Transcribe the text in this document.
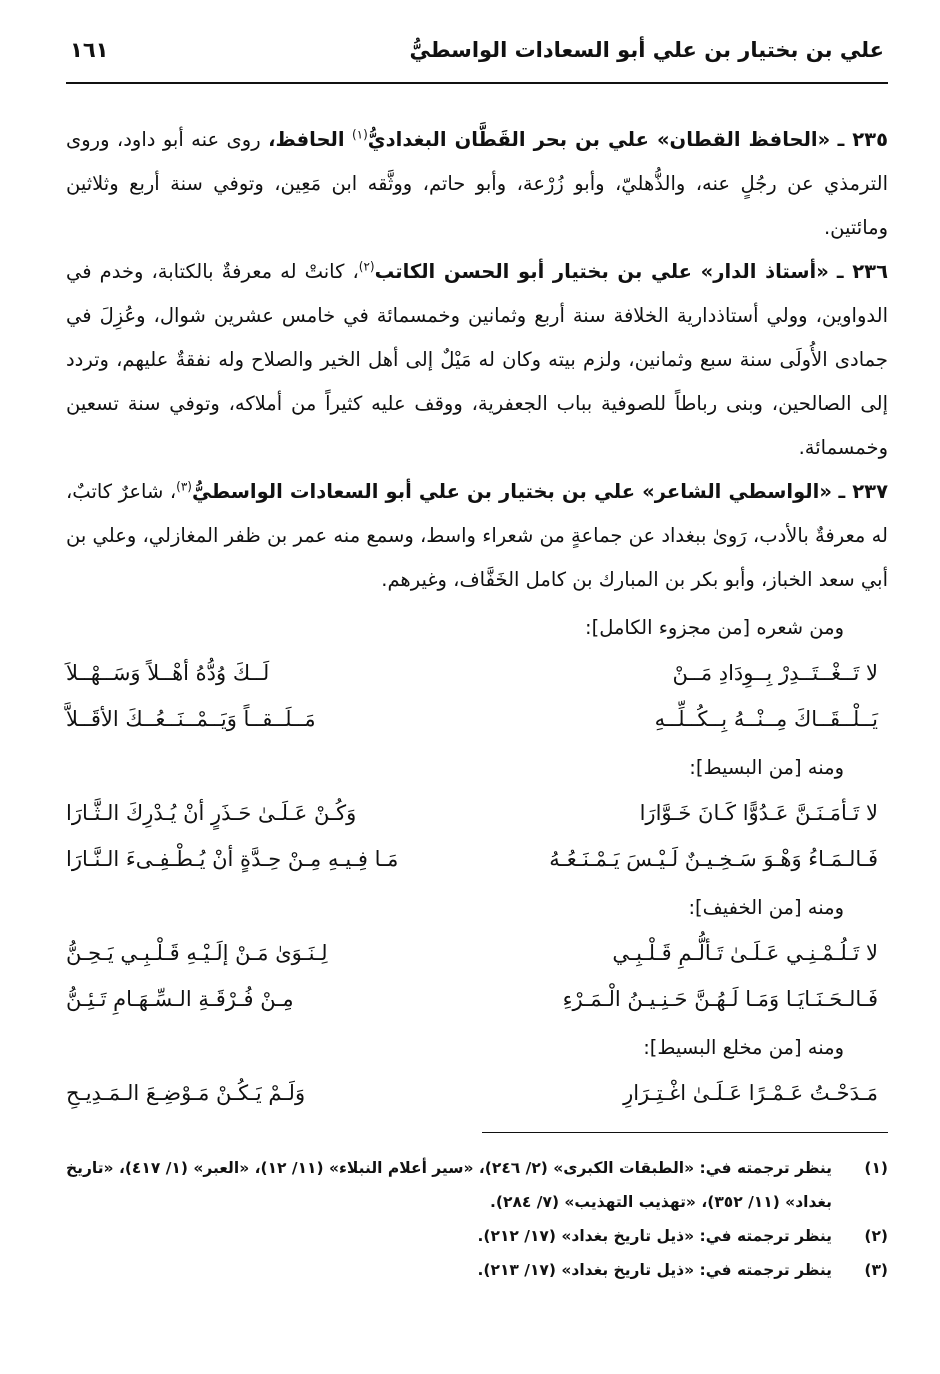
علي بن بختيار بن علي أبو السعادات الواسطيُّ
١٦١

٢٣٥ ـ «الحافظ القطان» علي بن بحر القَطَّان البغداديُّ$^{(١)}$ الحافظ، روى عنه أبو داود، وروى الترمذي عن رجُلٍ عنه، والذُّهليّ، وأبو زُرْعة، وأبو حاتم، ووثَّقه ابن مَعِين، وتوفي سنة أربع وثلاثين ومائتين.

٢٣٦ ـ «أستاذ الدار» علي بن بختيار أبو الحسن الكاتب$^{(٢)}$، كانتْ له معرفةٌ بالكتابة، وخدم في الدواوين، وولي أستاذدارية الخلافة سنة أربع وثمانين وخمسمائة في خامس عشرين شوال، وعُزِلَ في جمادى الأُولَى سنة سبع وثمانين، ولزم بيته وكان له مَيْلٌ إلى أهل الخير والصلاح وله نفقةٌ عليهم، وتردد إلى الصالحين، وبنى رباطاً للصوفية بباب الجعفرية، ووقف عليه كثيراً من أملاكه، وتوفي سنة تسعين وخمسمائة.

٢٣٧ ـ «الواسطي الشاعر» علي بن بختيار بن علي أبو السعادات الواسطيُّ$^{(٣)}$، شاعرٌ كاتبٌ، له معرفةٌ بالأدب، رَوىٰ ببغداد عن جماعةٍ من شعراء واسط، وسمع منه عمر بن ظفر المغازلي، وعلي بن أبي سعد الخباز، وأبو بكر بن المبارك بن كامل الخَفَّاف، وغيرهم.

ومن شعره [من مجزوء الكامل]:
لا تَــغْــتَــدِرْ بِــوِدَادِ مَــنْ
لَــكَ وُدُّهُ أهْــلاً وَسَــهْــلاَ
يَــلْــقَــاكَ مِــنْــهُ بِــكُــلِّــهِ
مَــلَــقــاً وَيَــمْــنَــعُــكَ الأقَــلاَّ
ومنه [من البسيط]:
لا تَـأمَـنَـنَّ عَـدُوًّا كَـانَ خَـوَّارَا
وَكُـنْ عَـلَـىٰ حَـذَرٍ أنْ يُـدْرِكَ الـثَّـارَا
فَـالـمَـاءُ وَهْـوَ سَـخِـيـنٌ لَـيْـسَ يَـمْـنَـعُـهُ
مَـا فِـيـهِ مِـنْ حِـدَّةٍ أنْ يُـطْـفِـىءَ الـنَّـارَا
ومنه [من الخفيف]:
لا تَـلُـمْـنِـي عَـلَـىٰ تَـألُّـمِ قَـلْـبِـي
لِـنَـوَىٰ مَـنْ إلَـيْـهِ قَـلْـبِـي يَـحِـنُّ
فَـالـحَـنَـايَـا وَمَـا لَـهُـنَّ حَـنِـيـنُ الْـمَـرْءِ
مِـنْ فُـرْقَـةِ الـسِّـهَـامِ تَـئِـنُّ
ومنه [من مخلع البسيط]:
مَـدَحْـتُ عَـمْـرًا عَـلَـىٰ اغْـتِـرَارِ
وَلَـمْ يَـكُـنْ مَـوْضِـعَ الـمَـدِيـحِ
(١)
ينظر ترجمته في: «الطبقات الكبرى» (٢/ ٢٤٦)، «سير أعلام النبلاء» (١١/ ١٢)، «العبر» (١/ ٤١٧)، «تاريخ بغداد» (١١/ ٣٥٢)، «تهذيب التهذيب» (٧/ ٢٨٤).
(٢)
ينظر ترجمته في: «ذيل تاريخ بغداد» (١٧/ ٢١٢).
(٣)
ينظر ترجمته في: «ذيل تاريخ بغداد» (١٧/ ٢١٣).
